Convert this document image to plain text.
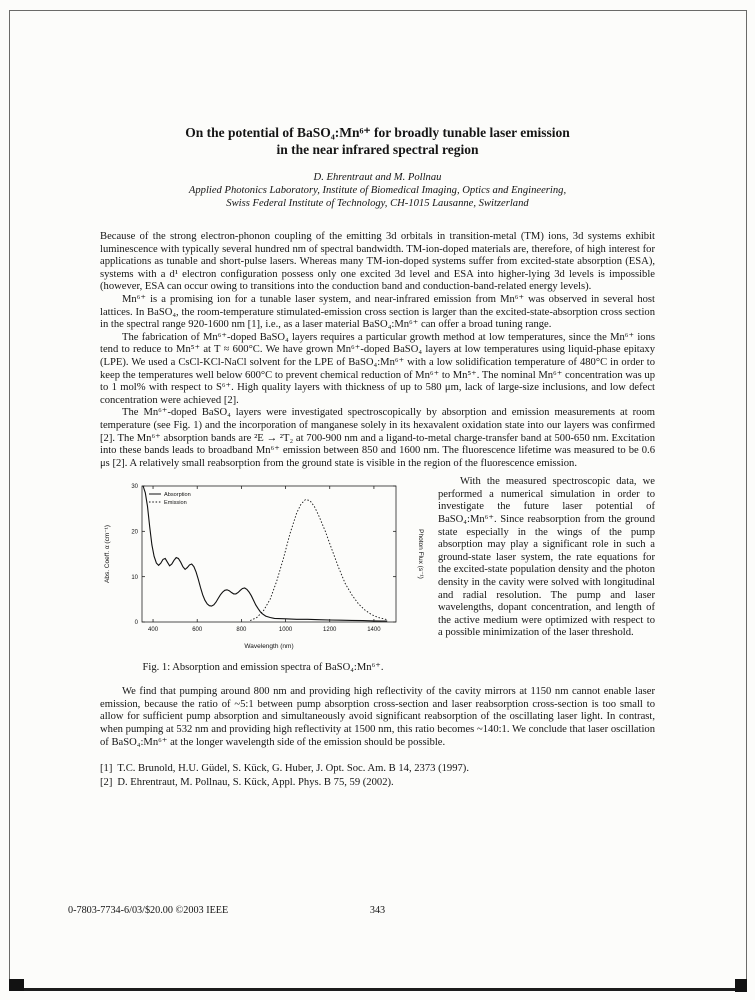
On the potential of BaSO₄:Mn⁶⁺ for broadly tunable laser emission
in the near infrared spectral region
D. Ehrentraut and M. Pollnau
Applied Photonics Laboratory, Institute of Biomedical Imaging, Optics and Engineering,
Swiss Federal Institute of Technology, CH-1015 Lausanne, Switzerland

Because of the strong electron-phonon coupling of the emitting 3d orbitals in transition-metal (TM) ions, 3d systems exhibit luminescence with typically several hundred nm of spectral bandwidth. TM-ion-doped materials are, therefore, of high interest for applications as tunable and short-pulse lasers. Whereas many TM-ion-doped systems suffer from excited-state absorption (ESA), systems with a d¹ electron configuration possess only one excited 3d level and ESA into higher-lying 3d levels is impossible (however, ESA can occur owing to transitions into the conduction band and conduction-band-related energy levels).

Mn⁶⁺ is a promising ion for a tunable laser system, and near-infrared emission from Mn⁶⁺ was observed in several host lattices. In BaSO₄, the room-temperature stimulated-emission cross section is larger than the excited-state-absorption cross section in the spectral range 920-1600 nm [1], i.e., as a laser material BaSO₄:Mn⁶⁺ can offer a broad tuning range.

The fabrication of Mn⁶⁺-doped BaSO₄ layers requires a particular growth method at low temperatures, since the Mn⁶⁺ ions tend to reduce to Mn⁵⁺ at T ≈ 600°C. We have grown Mn⁶⁺-doped BaSO₄ layers at low temperatures using liquid-phase epitaxy (LPE). We used a CsCl-KCl-NaCl solvent for the LPE of BaSO₄:Mn⁶⁺ with a low solidification temperature of 480°C in order to keep the temperatures well below 600°C to prevent chemical reduction of Mn⁶⁺ to Mn⁵⁺. The nominal Mn⁶⁺ concentration was up to 1 mol% with respect to S⁶⁺. High quality layers with thickness of up to 580 μm, lack of large-size inclusions, and low defect concentration were achieved [2].

The Mn⁶⁺-doped BaSO₄ layers were investigated spectroscopically by absorption and emission measurements at room temperature (see Fig. 1) and the incorporation of manganese solely in its hexavalent oxidation state into our layers was confirmed [2]. The Mn⁶⁺ absorption bands are ²E → ²T₂ at 700-900 nm and a ligand-to-metal charge-transfer band at 500-650 nm. Excitation into these bands leads to broadband Mn⁶⁺ emission between 850 and 1600 nm. The fluorescence lifetime was measured to be 0.6 μs [2]. A relatively small reabsorption from the ground state is visible in the region of the fluorescence emission.

400	600	800	1000	1200	1400
0
10
20
30
Wavelength (nm)
Abs. Coeff. α (cm⁻¹)	Photon Flux (s⁻¹)
Absorption
Emission
Fig. 1: Absorption and emission spectra of BaSO₄:Mn⁶⁺.

With the measured spectroscopic data, we performed a numerical simulation in order to investigate the future laser potential of BaSO₄:Mn⁶⁺. Since reabsorption from the ground state especially in the wings of the pump absorption may play a significant role in such a ground-state laser system, the rate equations for the excited-state population density and the photon density in the cavity were solved with longitudinal and radial resolution. The pump and laser wavelengths, dopant concentration, and length of the active medium were optimized with respect to a possible minimization of the laser threshold.

We find that pumping around 800 nm and providing high reflectivity of the cavity mirrors at 1150 nm cannot enable laser emission, because the ratio of ~5:1 between pump absorption cross-section and laser reabsorption cross-section is too small to allow for sufficient pump absorption and simultaneously avoid significant reabsorption of the oscillating laser light. In contrast, when pumping at 532 nm and providing high reflectivity at 1500 nm, this ratio becomes ~140:1. We conclude that laser oscillation of BaSO₄:Mn⁶⁺ at the longer wavelength side of the emission should be possible.

[1] T.C. Brunold, H.U. Güdel, S. Kück, G. Huber, J. Opt. Soc. Am. B 14, 2373 (1997).
[2] D. Ehrentraut, M. Pollnau, S. Kück, Appl. Phys. B 75, 59 (2002).
0-7803-7734-6/03/$20.00 ©2003 IEEE	343
